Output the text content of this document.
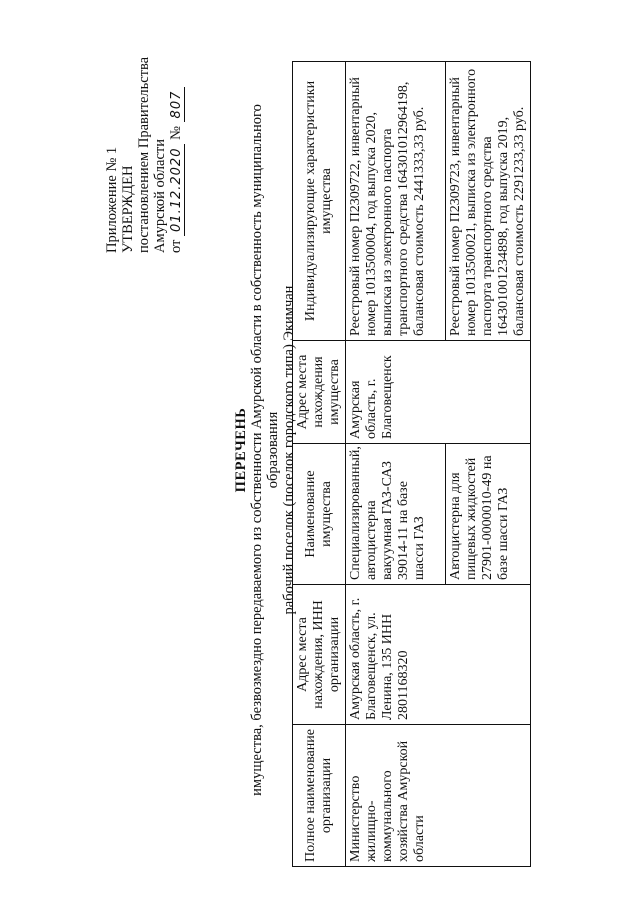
Приложение № 1 УТВЕРЖДЕН постановлением Правительства Амурской области от 01.12.2020 № 807
ПЕРЕЧЕНЬ имущества, безвозмездно передаваемого из собственности Амурской области в собственность муниципального образования рабочий поселок (поселок городского типа) Экимчан
Полное наименование организации	Адрес места нахождения, ИНН организации	Наименование имущества	Адрес места нахождения имущества	Индивидуализирующие характеристики имущества
Министерство жилищно-коммунального хозяйства Амурской области	Амурская область, г. Благовещенск, ул. Ленина, 135 ИНН 2801168320	Специализированный, автоцистерна вакуумная ГАЗ-САЗ 39014-11 на базе шасси ГАЗ	Амурская область, г. Благовещенск	Реестровый номер П2309722, инвентарный номер 1013500004, год выпуска 2020, выписка из электронного паспорта транспортного средства 164301012964198, балансовая стоимость 2441333,33 руб.
		Автоцистерна для пищевых жидкостей 27901-0000010-49 на базе шасси ГАЗ		Реестровый номер П2309723, инвентарный номер 1013500021, выписка из электронного паспорта транспортного средства 164301001234898, год выпуска 2019, балансовая стоимость 2291233,33 руб.
